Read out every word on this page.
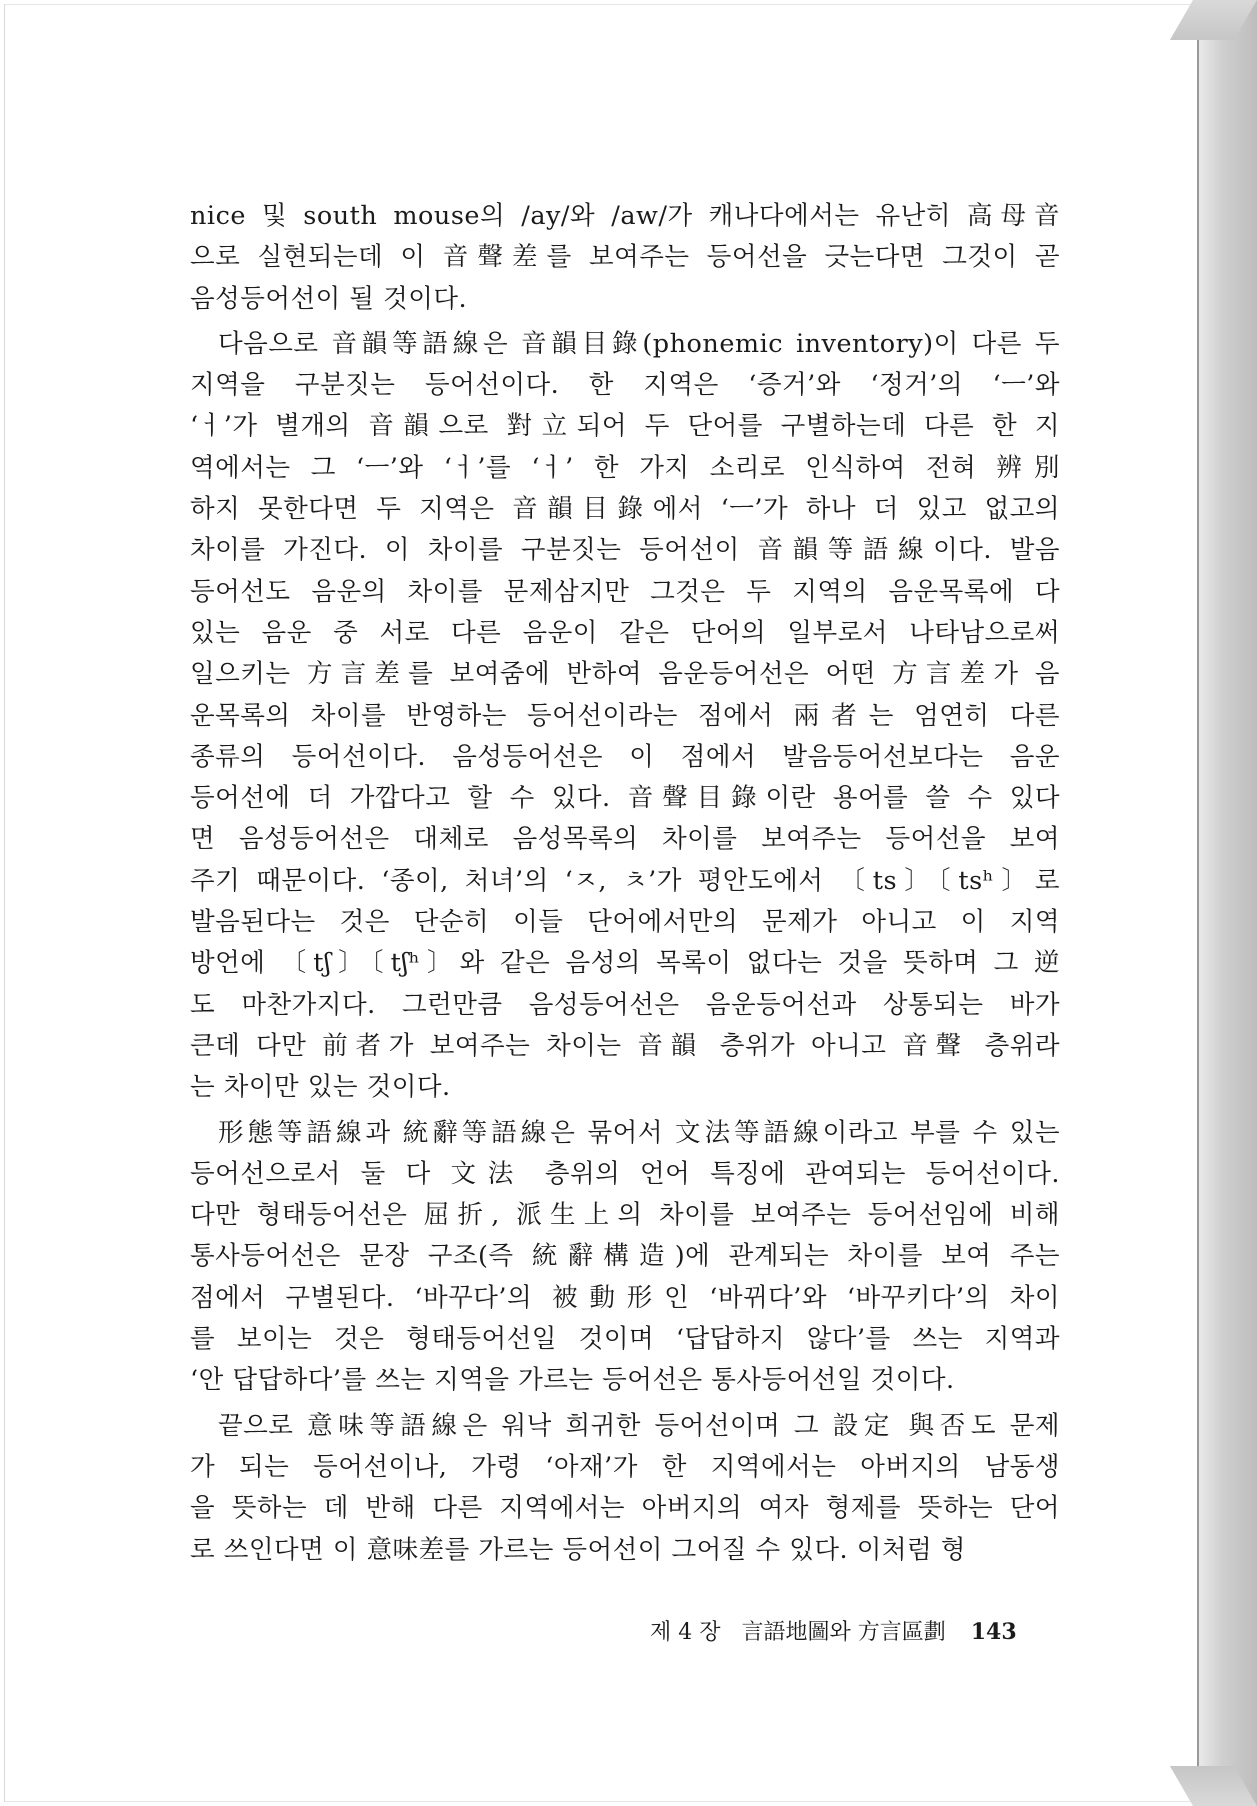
nice 및 south mouse의 /ay/와 /aw/가 캐나다에서는 유난히 高母音
으로 실현되는데 이 音聲差를 보여주는 등어선을 긋는다면 그것이 곧
음성등어선이 될 것이다.
다음으로 音韻等語線은 音韻目錄(phonemic inventory)이 다른 두
지역을 구분짓는 등어선이다. 한 지역은 ‘증거’와 ‘정거’의 ‘ㅡ’와
‘ㅓ’가 별개의 音韻으로 對立되어 두 단어를 구별하는데 다른 한 지
역에서는 그 ‘ㅡ’와 ‘ㅓ’를 ‘ㅓ’ 한 가지 소리로 인식하여 전혀 辨別
하지 못한다면 두 지역은 音韻目錄에서 ‘ㅡ’가 하나 더 있고 없고의
차이를 가진다. 이 차이를 구분짓는 등어선이 音韻等語線이다. 발음
등어선도 음운의 차이를 문제삼지만 그것은 두 지역의 음운목록에 다
있는 음운 중 서로 다른 음운이 같은 단어의 일부로서 나타남으로써
일으키는 方言差를 보여줌에 반하여 음운등어선은 어떤 方言差가 음
운목록의 차이를 반영하는 등어선이라는 점에서 兩者는 엄연히 다른
종류의 등어선이다. 음성등어선은 이 점에서 발음등어선보다는 음운
등어선에 더 가깝다고 할 수 있다. 音聲目錄이란 용어를 쓸 수 있다
면 음성등어선은 대체로 음성목록의 차이를 보여주는 등어선을 보여
주기 때문이다. ‘종이, 처녀’의 ‘ㅈ, ㅊ’가 평안도에서 〔ts〕〔tsʰ〕로
발음된다는 것은 단순히 이들 단어에서만의 문제가 아니고 이 지역
방언에 〔tʃ〕〔tʃʰ〕와 같은 음성의 목록이 없다는 것을 뜻하며 그 逆
도 마찬가지다. 그런만큼 음성등어선은 음운등어선과 상통되는 바가
큰데 다만 前者가 보여주는 차이는 音韻 층위가 아니고 音聲 층위라
는 차이만 있는 것이다.
形態等語線과 統辭等語線은 묶어서 文法等語線이라고 부를 수 있는
등어선으로서 둘 다 文法 층위의 언어 특징에 관여되는 등어선이다.
다만 형태등어선은 屈折, 派生上의 차이를 보여주는 등어선임에 비해
통사등어선은 문장 구조(즉 統辭構造)에 관계되는 차이를 보여 주는
점에서 구별된다. ‘바꾸다’의 被動形인 ‘바뀌다’와 ‘바꾸키다’의 차이
를 보이는 것은 형태등어선일 것이며 ‘답답하지 않다’를 쓰는 지역과
‘안 답답하다’를 쓰는 지역을 가르는 등어선은 통사등어선일 것이다.
끝으로 意味等語線은 워낙 희귀한 등어선이며 그 設定 與否도 문제
가 되는 등어선이나, 가령 ‘아재’가 한 지역에서는 아버지의 남동생
을 뜻하는 데 반해 다른 지역에서는 아버지의 여자 형제를 뜻하는 단어
로 쓰인다면 이 意味差를 가르는 등어선이 그어질 수 있다. 이처럼 형
제 4 장 言語地圖와 方言區劃 143
